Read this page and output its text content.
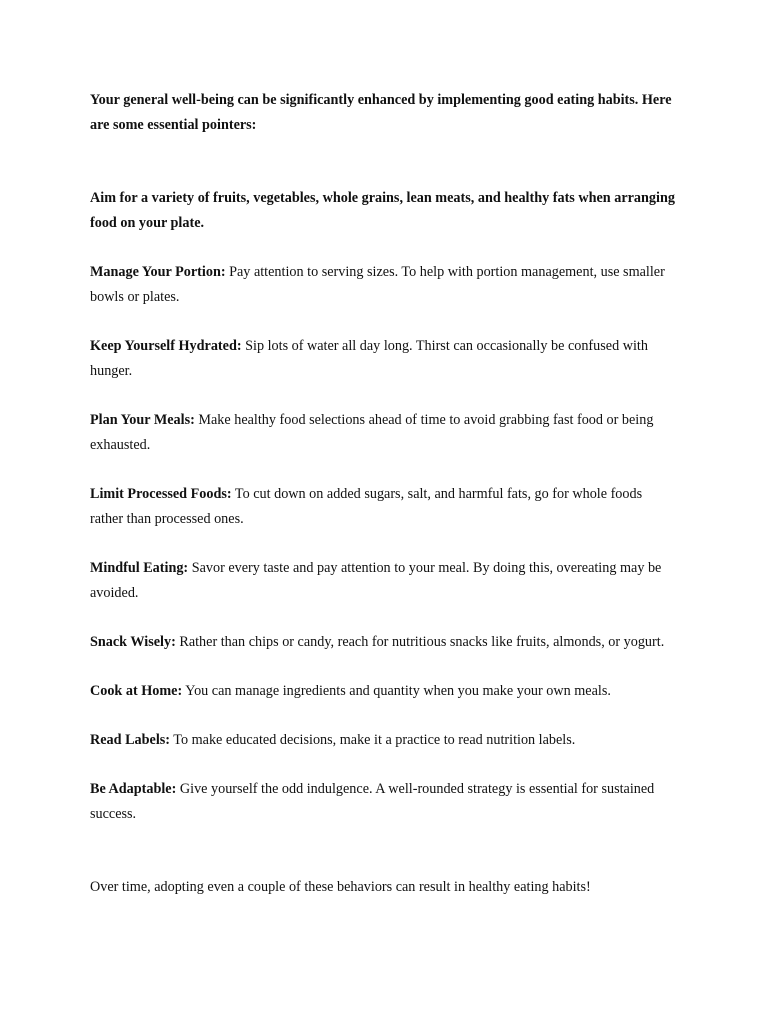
Your general well-being can be significantly enhanced by implementing good eating habits. Here are some essential pointers:

Aim for a variety of fruits, vegetables, whole grains, lean meats, and healthy fats when arranging food on your plate.

Manage Your Portion: Pay attention to serving sizes. To help with portion management, use smaller bowls or plates.

Keep Yourself Hydrated: Sip lots of water all day long. Thirst can occasionally be confused with hunger.

Plan Your Meals: Make healthy food selections ahead of time to avoid grabbing fast food or being exhausted.

Limit Processed Foods: To cut down on added sugars, salt, and harmful fats, go for whole foods rather than processed ones.

Mindful Eating: Savor every taste and pay attention to your meal. By doing this, overeating may be avoided.

Snack Wisely: Rather than chips or candy, reach for nutritious snacks like fruits, almonds, or yogurt.

Cook at Home: You can manage ingredients and quantity when you make your own meals.

Read Labels: To make educated decisions, make it a practice to read nutrition labels.

Be Adaptable: Give yourself the odd indulgence. A well-rounded strategy is essential for sustained success.

Over time, adopting even a couple of these behaviors can result in healthy eating habits!
